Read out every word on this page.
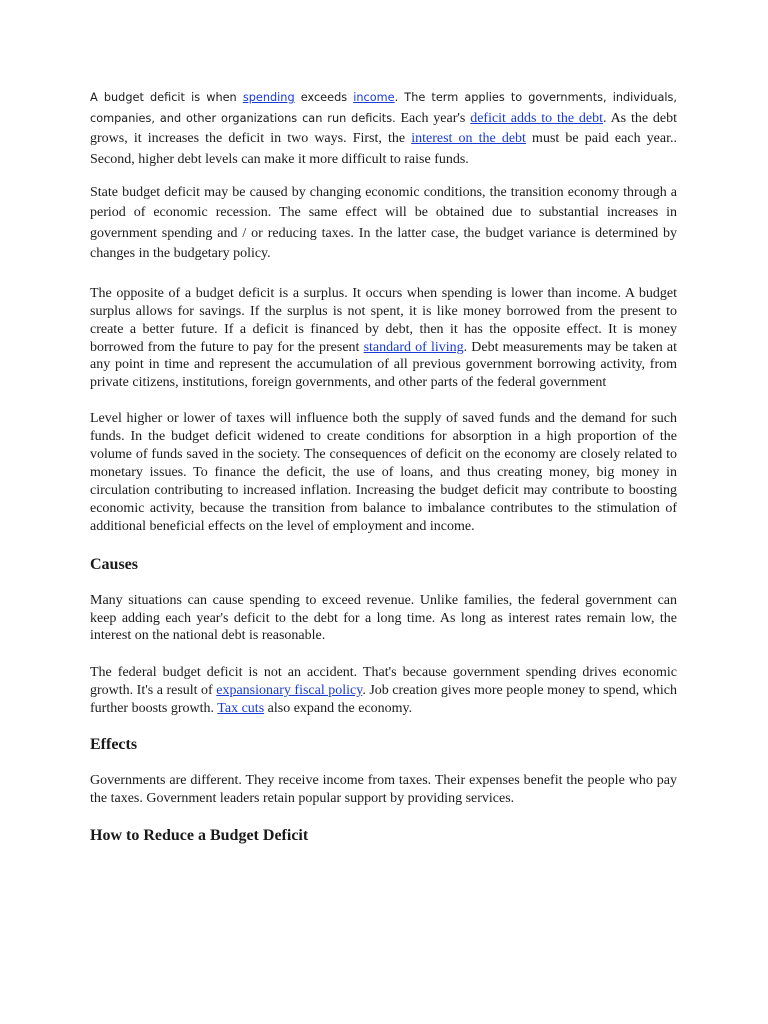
A budget deficit is when spending exceeds income. The term applies to governments, individuals, companies, and other organizations can run deficits. Each year's deficit adds to the debt. As the debt grows, it increases the deficit in two ways. First, the interest on the debt must be paid each year.. Second, higher debt levels can make it more difficult to raise funds.

State budget deficit may be caused by changing economic conditions, the transition economy through a period of economic recession. The same effect will be obtained due to substantial increases in government spending and / or reducing taxes. In the latter case, the budget variance is determined by changes in the budgetary policy.

The opposite of a budget deficit is a surplus. It occurs when spending is lower than income. A budget surplus allows for savings. If the surplus is not spent, it is like money borrowed from the present to create a better future. If a deficit is financed by debt, then it has the opposite effect. It is money borrowed from the future to pay for the present standard of living. Debt measurements may be taken at any point in time and represent the accumulation of all previous government borrowing activity, from private citizens, institutions, foreign governments, and other parts of the federal government

Level higher or lower of taxes will influence both the supply of saved funds and the demand for such funds. In the budget deficit widened to create conditions for absorption in a high proportion of the volume of funds saved in the society. The consequences of deficit on the economy are closely related to monetary issues. To finance the deficit, the use of loans, and thus creating money, big money in circulation contributing to increased inflation. Increasing the budget deficit may contribute to boosting economic activity, because the transition from balance to imbalance contributes to the stimulation of additional beneficial effects on the level of employment and income.

Causes

Many situations can cause spending to exceed revenue. Unlike families, the federal government can keep adding each year's deficit to the debt for a long time. As long as interest rates remain low, the interest on the national debt is reasonable.

The federal budget deficit is not an accident. That's because government spending drives economic growth. It's a result of expansionary fiscal policy. Job creation gives more people money to spend, which further boosts growth. Tax cuts also expand the economy.

Effects

Governments are different. They receive income from taxes. Their expenses benefit the people who pay the taxes. Government leaders retain popular support by providing services.

How to Reduce a Budget Deficit
